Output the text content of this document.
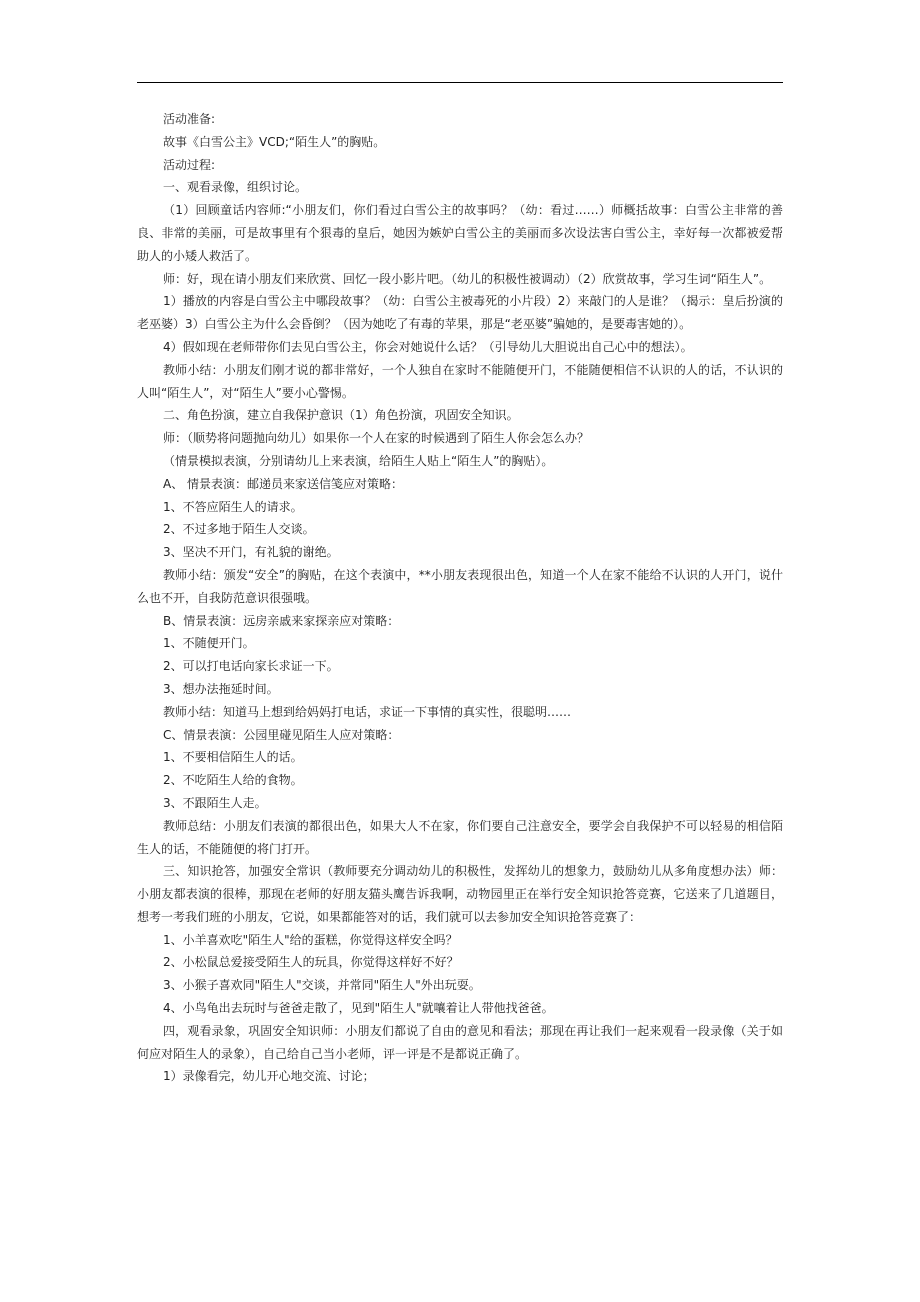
活动准备:

故事《白雪公主》VCD;“陌生人”的胸贴。

活动过程:

一、观看录像，组织讨论。

（1）回顾童话内容师:“小朋友们，你们看过白雪公主的故事吗？（幼：看过……）师概括故事：白雪公主非常的善良、非常的美丽，可是故事里有个狠毒的皇后，她因为嫉妒白雪公主的美丽而多次设法害白雪公主，幸好每一次都被爱帮助人的小矮人救活了。

师：好，现在请小朋友们来欣赏、回忆一段小影片吧。（幼儿的积极性被调动）（2）欣赏故事，学习生词“陌生人”。

1）播放的内容是白雪公主中哪段故事？（幼：白雪公主被毒死的小片段）2）来敲门的人是谁？（揭示：皇后扮演的老巫婆）3）白雪公主为什么会昏倒？（因为她吃了有毒的苹果，那是“老巫婆”骗她的，是要毒害她的）。

4）假如现在老师带你们去见白雪公主，你会对她说什么话？（引导幼儿大胆说出自己心中的想法）。

教师小结：小朋友们刚才说的都非常好，一个人独自在家时不能随便开门，不能随便相信不认识的人的话，不认识的人叫“陌生人”，对“陌生人”要小心警惕。

二、角色扮演，建立自我保护意识（1）角色扮演，巩固安全知识。

师：（顺势将问题抛向幼儿）如果你一个人在家的时候遇到了陌生人你会怎么办？

（情景模拟表演，分别请幼儿上来表演，给陌生人贴上“陌生人”的胸贴）。

A、 情景表演：邮递员来家送信笺应对策略：

1、不答应陌生人的请求。

2、不过多地于陌生人交谈。

3、坚决不开门，有礼貌的谢绝。

教师小结：颁发“安全”的胸贴，在这个表演中，**小朋友表现很出色，知道一个人在家不能给不认识的人开门，说什么也不开，自我防范意识很强哦。

B、情景表演：远房亲戚来家探亲应对策略：

1、不随便开门。

2、可以打电话向家长求证一下。

3、想办法拖延时间。

教师小结：知道马上想到给妈妈打电话，求证一下事情的真实性，很聪明……

C、情景表演：公园里碰见陌生人应对策略：

1、不要相信陌生人的话。

2、不吃陌生人给的食物。

3、不跟陌生人走。

教师总结：小朋友们表演的都很出色，如果大人不在家，你们要自己注意安全，要学会自我保护不可以轻易的相信陌生人的话，不能随便的将门打开。

三、知识抢答，加强安全常识（教师要充分调动幼儿的积极性，发挥幼儿的想象力，鼓励幼儿从多角度想办法）师：小朋友都表演的很棒，那现在老师的好朋友猫头鹰告诉我啊，动物园里正在举行安全知识抢答竞赛，它送来了几道题目，想考一考我们班的小朋友，它说，如果都能答对的话，我们就可以去参加安全知识抢答竞赛了：

1、小羊喜欢吃"陌生人"给的蛋糕，你觉得这样安全吗？

2、小松鼠总爱接受陌生人的玩具，你觉得这样好不好？

3、小猴子喜欢同"陌生人"交谈，并常同"陌生人"外出玩耍。

4、小鸟龟出去玩时与爸爸走散了，见到"陌生人"就嚷着让人带他找爸爸。

四，观看录象，巩固安全知识师：小朋友们都说了自由的意见和看法；那现在再让我们一起来观看一段录像（关于如何应对陌生人的录象），自己给自己当小老师，评一评是不是都说正确了。

1）录像看完，幼儿开心地交流、讨论；
